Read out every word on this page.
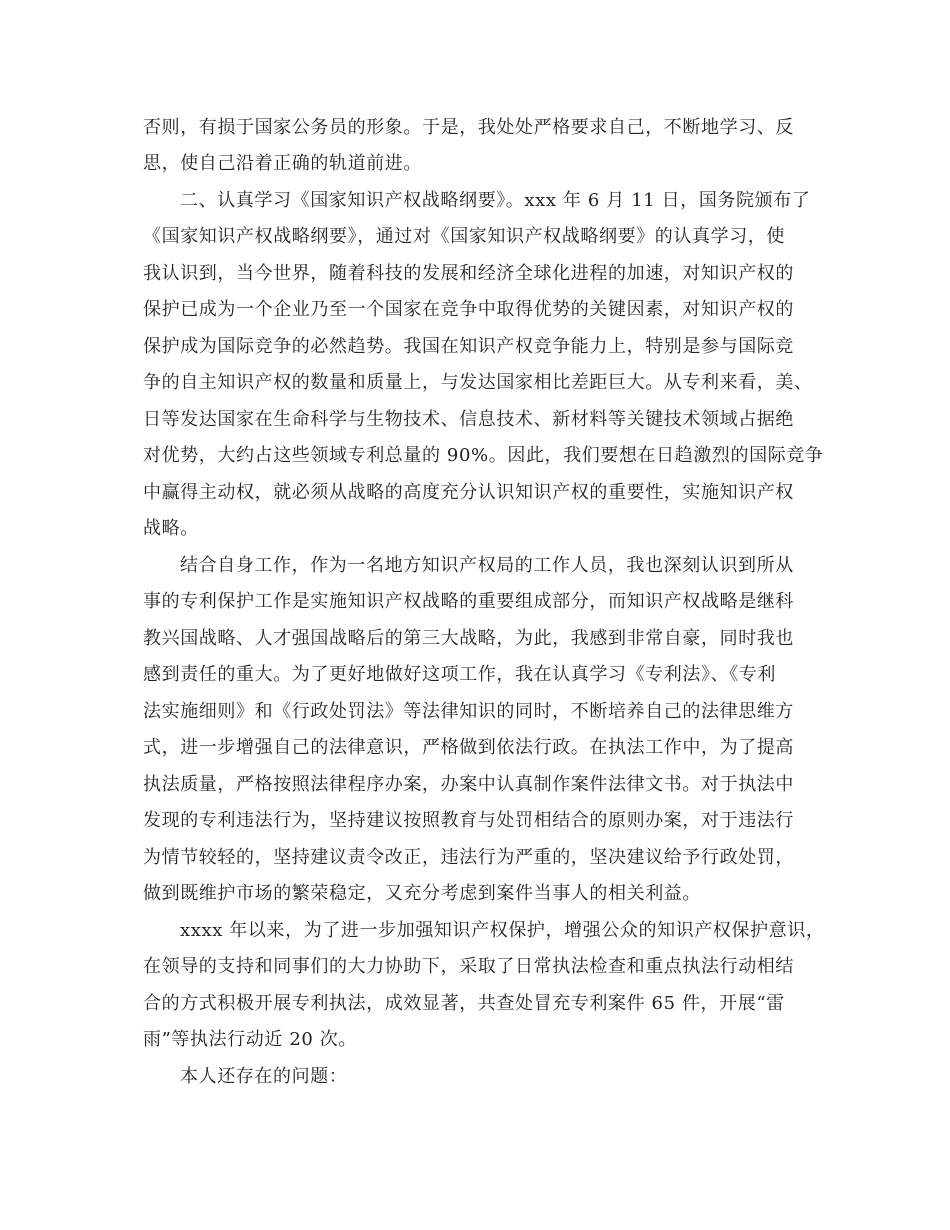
否则，有损于国家公务员的形象。于是，我处处严格要求自己，不断地学习、反
思，使自己沿着正确的轨道前进。
二、认真学习《国家知识产权战略纲要》。xxx 年 6 月 11 日，国务院颁布了
《国家知识产权战略纲要》，通过对《国家知识产权战略纲要》的认真学习，使
我认识到，当今世界，随着科技的发展和经济全球化进程的加速，对知识产权的
保护已成为一个企业乃至一个国家在竞争中取得优势的关键因素，对知识产权的
保护成为国际竞争的必然趋势。我国在知识产权竞争能力上，特别是参与国际竞
争的自主知识产权的数量和质量上，与发达国家相比差距巨大。从专利来看，美、
日等发达国家在生命科学与生物技术、信息技术、新材料等关键技术领域占据绝
对优势，大约占这些领域专利总量的 90%。因此，我们要想在日趋激烈的国际竞争
中赢得主动权，就必须从战略的高度充分认识知识产权的重要性，实施知识产权
战略。
结合自身工作，作为一名地方知识产权局的工作人员，我也深刻认识到所从
事的专利保护工作是实施知识产权战略的重要组成部分，而知识产权战略是继科
教兴国战略、人才强国战略后的第三大战略，为此，我感到非常自豪，同时我也
感到责任的重大。为了更好地做好这项工作，我在认真学习《专利法》、《专利
法实施细则》和《行政处罚法》等法律知识的同时，不断培养自己的法律思维方
式，进一步增强自己的法律意识，严格做到依法行政。在执法工作中，为了提高
执法质量，严格按照法律程序办案，办案中认真制作案件法律文书。对于执法中
发现的专利违法行为，坚持建议按照教育与处罚相结合的原则办案，对于违法行
为情节较轻的，坚持建议责令改正，违法行为严重的，坚决建议给予行政处罚，
做到既维护市场的繁荣稳定，又充分考虑到案件当事人的相关利益。
xxxx 年以来，为了进一步加强知识产权保护，增强公众的知识产权保护意识，
在领导的支持和同事们的大力协助下，采取了日常执法检查和重点执法行动相结
合的方式积极开展专利执法，成效显著，共查处冒充专利案件 65 件，开展“雷
雨”等执法行动近 20 次。
本人还存在的问题：
